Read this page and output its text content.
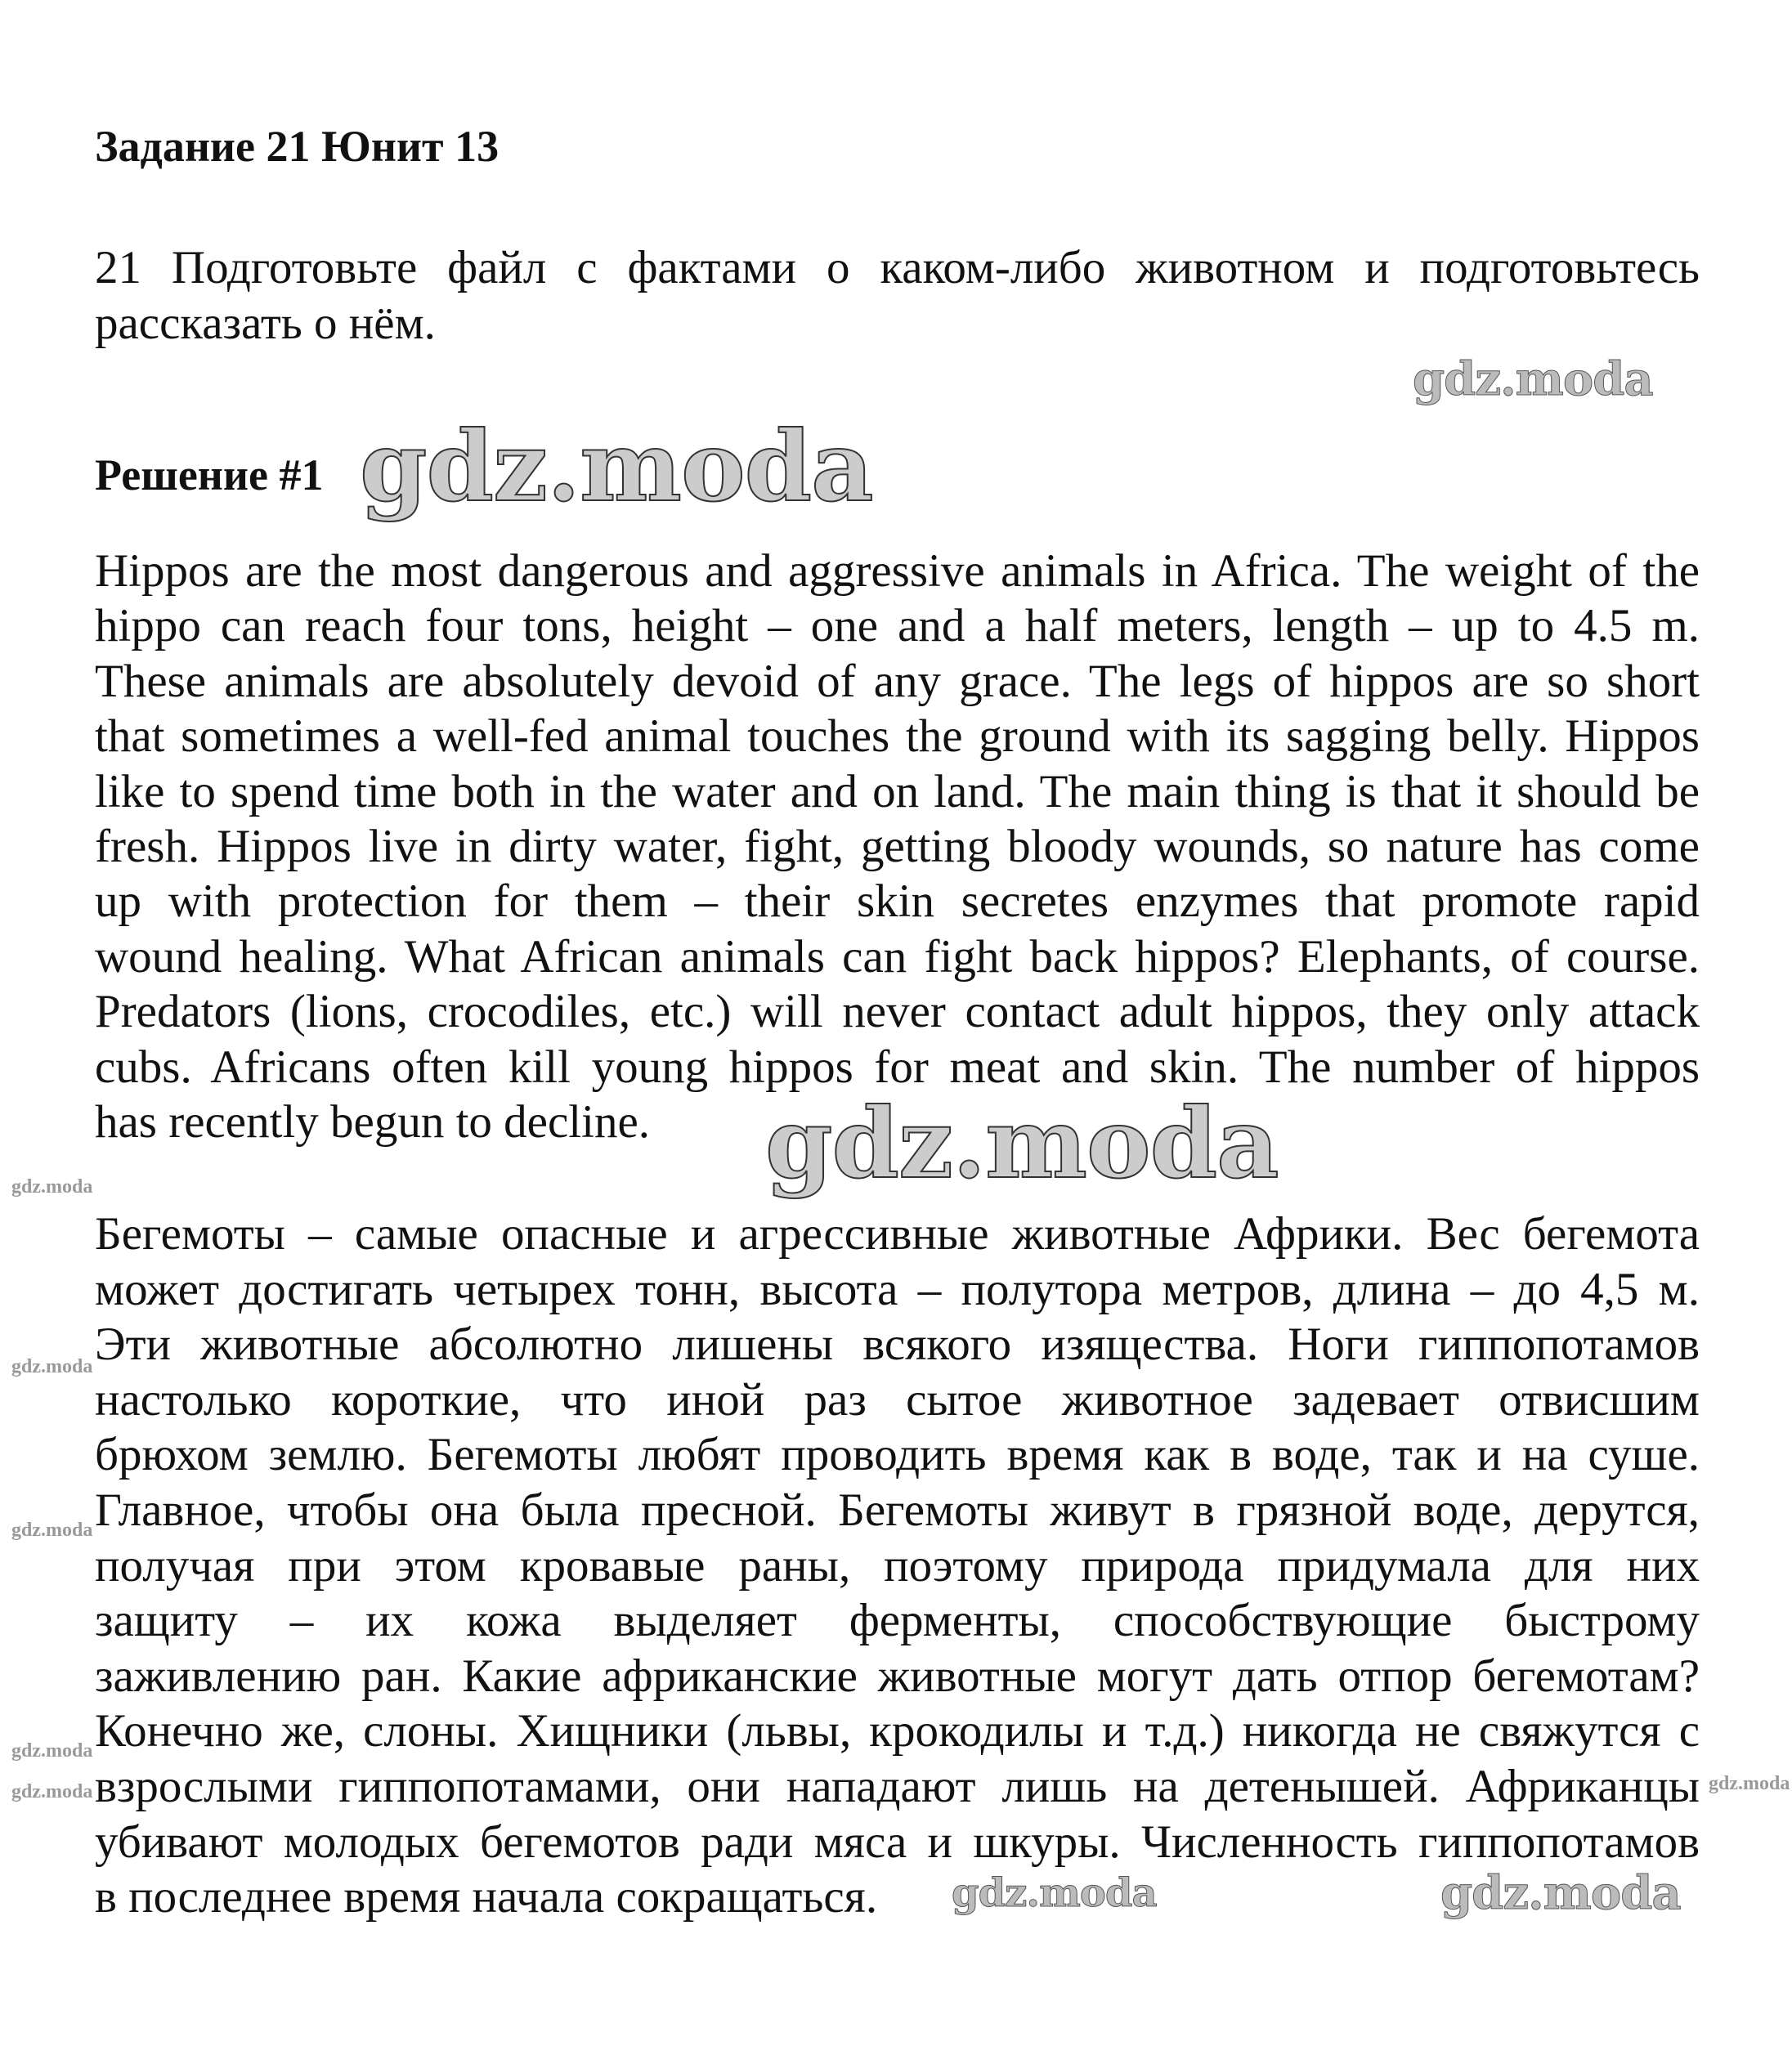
Задание 21 Юнит 13
21 Подготовьте файл с фактами о каком-либо животном и подготовьтесь
рассказать о нём.
Решение #1
Hippos are the most dangerous and aggressive animals in Africa. The weight of the
hippo can reach four tons, height – one and a half meters, length – up to 4.5 m.
These animals are absolutely devoid of any grace. The legs of hippos are so short
that sometimes a well-fed animal touches the ground with its sagging belly. Hippos
like to spend time both in the water and on land. The main thing is that it should be
fresh. Hippos live in dirty water, fight, getting bloody wounds, so nature has come
up with protection for them – their skin secretes enzymes that promote rapid
wound healing. What African animals can fight back hippos? Elephants, of course.
Predators (lions, crocodiles, etc.) will never contact adult hippos, they only attack
cubs. Africans often kill young hippos for meat and skin. The number of hippos
has recently begun to decline.
Бегемоты – самые опасные и агрессивные животные Африки. Вес бегемота
может достигать четырех тонн, высота – полутора метров, длина – до 4,5 м.
Эти животные абсолютно лишены всякого изящества. Ноги гиппопотамов
настолько короткие, что иной раз сытое животное задевает отвисшим
брюхом землю. Бегемоты любят проводить время как в воде, так и на суше.
Главное, чтобы она была пресной. Бегемоты живут в грязной воде, дерутся,
получая при этом кровавые раны, поэтому природа придумала для них
защиту – их кожа выделяет ферменты, способствующие быстрому
заживлению ран. Какие африканские животные могут дать отпор бегемотам?
Конечно же, слоны. Хищники (львы, крокодилы и т.д.) никогда не свяжутся с
взрослыми гиппопотамами, они нападают лишь на детенышей. Африканцы
убивают молодых бегемотов ради мяса и шкуры. Численность гиппопотамов
в последнее время начала сокращаться.
gdz.moda
gdz.moda
gdz.moda
gdz.moda
gdz.moda
gdz.moda
gdz.moda
gdz.moda	gdz.moda
gdz.moda	gdz.moda
